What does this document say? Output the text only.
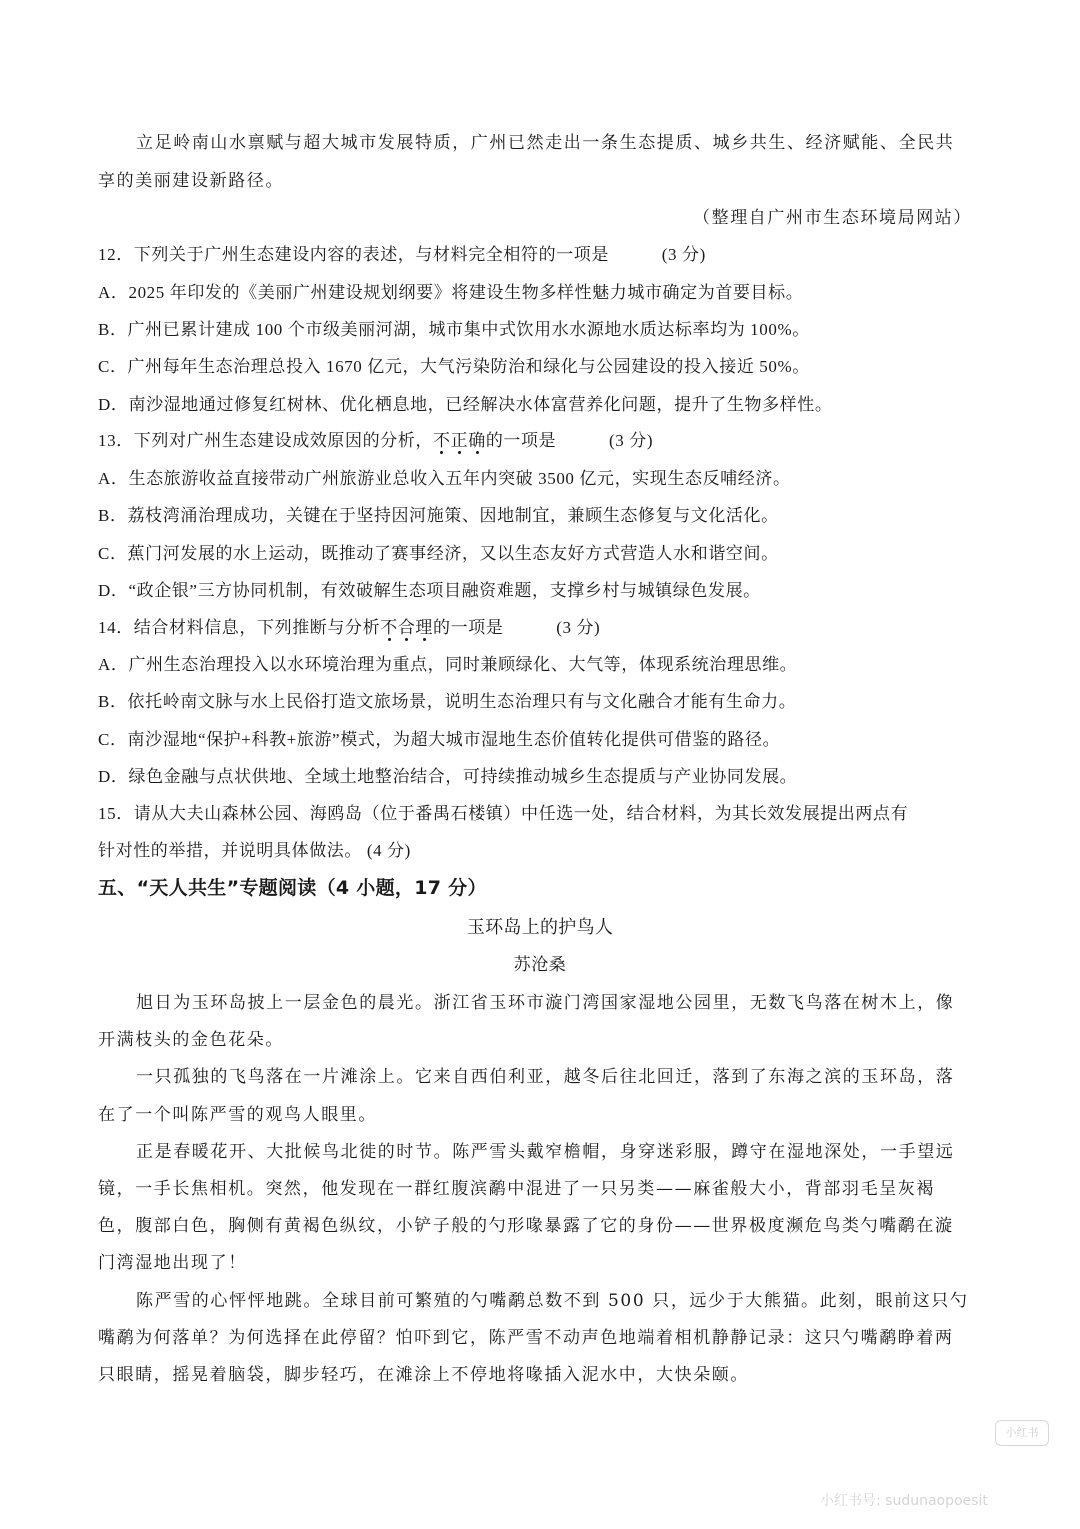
立足岭南山水禀赋与超大城市发展特质，广州已然走出一条生态提质、城乡共生、经济赋能、全民共
享的美丽建设新路径。
（整理自广州市生态环境局网站）
12．下列关于广州生态建设内容的表述，与材料完全相符的一项是　　　(3 分)
A．2025 年印发的《美丽广州建设规划纲要》将建设生物多样性魅力城市确定为首要目标。
B．广州已累计建成 100 个市级美丽河湖，城市集中式饮用水水源地水质达标率均为 100%。
C．广州每年生态治理总投入 1670 亿元，大气污染防治和绿化与公园建设的投入接近 50%。
D．南沙湿地通过修复红树林、优化栖息地，已经解决水体富营养化问题，提升了生物多样性。
13．下列对广州生态建设成效原因的分析，不正确的一项是　　　(3 分)
A．生态旅游收益直接带动广州旅游业总收入五年内突破 3500 亿元，实现生态反哺经济。
B．荔枝湾涌治理成功，关键在于坚持因河施策、因地制宜，兼顾生态修复与文化活化。
C．蕉门河发展的水上运动，既推动了赛事经济，又以生态友好方式营造人水和谐空间。
D．“政企银”三方协同机制，有效破解生态项目融资难题，支撑乡村与城镇绿色发展。
14．结合材料信息，下列推断与分析不合理的一项是　　　(3 分)
A．广州生态治理投入以水环境治理为重点，同时兼顾绿化、大气等，体现系统治理思维。
B．依托岭南文脉与水上民俗打造文旅场景，说明生态治理只有与文化融合才能有生命力。
C．南沙湿地“保护+科教+旅游”模式，为超大城市湿地生态价值转化提供可借鉴的路径。
D．绿色金融与点状供地、全域土地整治结合，可持续推动城乡生态提质与产业协同发展。
15．请从大夫山森林公园、海鸥岛（位于番禺石楼镇）中任选一处，结合材料，为其长效发展提出两点有
针对性的举措，并说明具体做法。 (4 分)
五、“天人共生”专题阅读（4 小题，17 分）
玉环岛上的护鸟人
苏沧桑
旭日为玉环岛披上一层金色的晨光。浙江省玉环市漩门湾国家湿地公园里，无数飞鸟落在树木上，像
开满枝头的金色花朵。
一只孤独的飞鸟落在一片滩涂上。它来自西伯利亚，越冬后往北回迁，落到了东海之滨的玉环岛，落
在了一个叫陈严雪的观鸟人眼里。
正是春暖花开、大批候鸟北徙的时节。陈严雪头戴窄檐帽，身穿迷彩服，蹲守在湿地深处，一手望远
镜，一手长焦相机。突然，他发现在一群红腹滨鹬中混进了一只另类——麻雀般大小，背部羽毛呈灰褐
色，腹部白色，胸侧有黄褐色纵纹，小铲子般的勺形喙暴露了它的身份——世界极度濒危鸟类勺嘴鹬在漩
门湾湿地出现了！
陈严雪的心怦怦地跳。全球目前可繁殖的勺嘴鹬总数不到 500 只，远少于大熊猫。此刻，眼前这只勺
嘴鹬为何落单？为何选择在此停留？怕吓到它，陈严雪不动声色地端着相机静静记录：这只勺嘴鹬睁着两
只眼睛，摇晃着脑袋，脚步轻巧，在滩涂上不停地将喙插入泥水中，大快朵颐。
小红书
小红书号: sudunaopoesit
